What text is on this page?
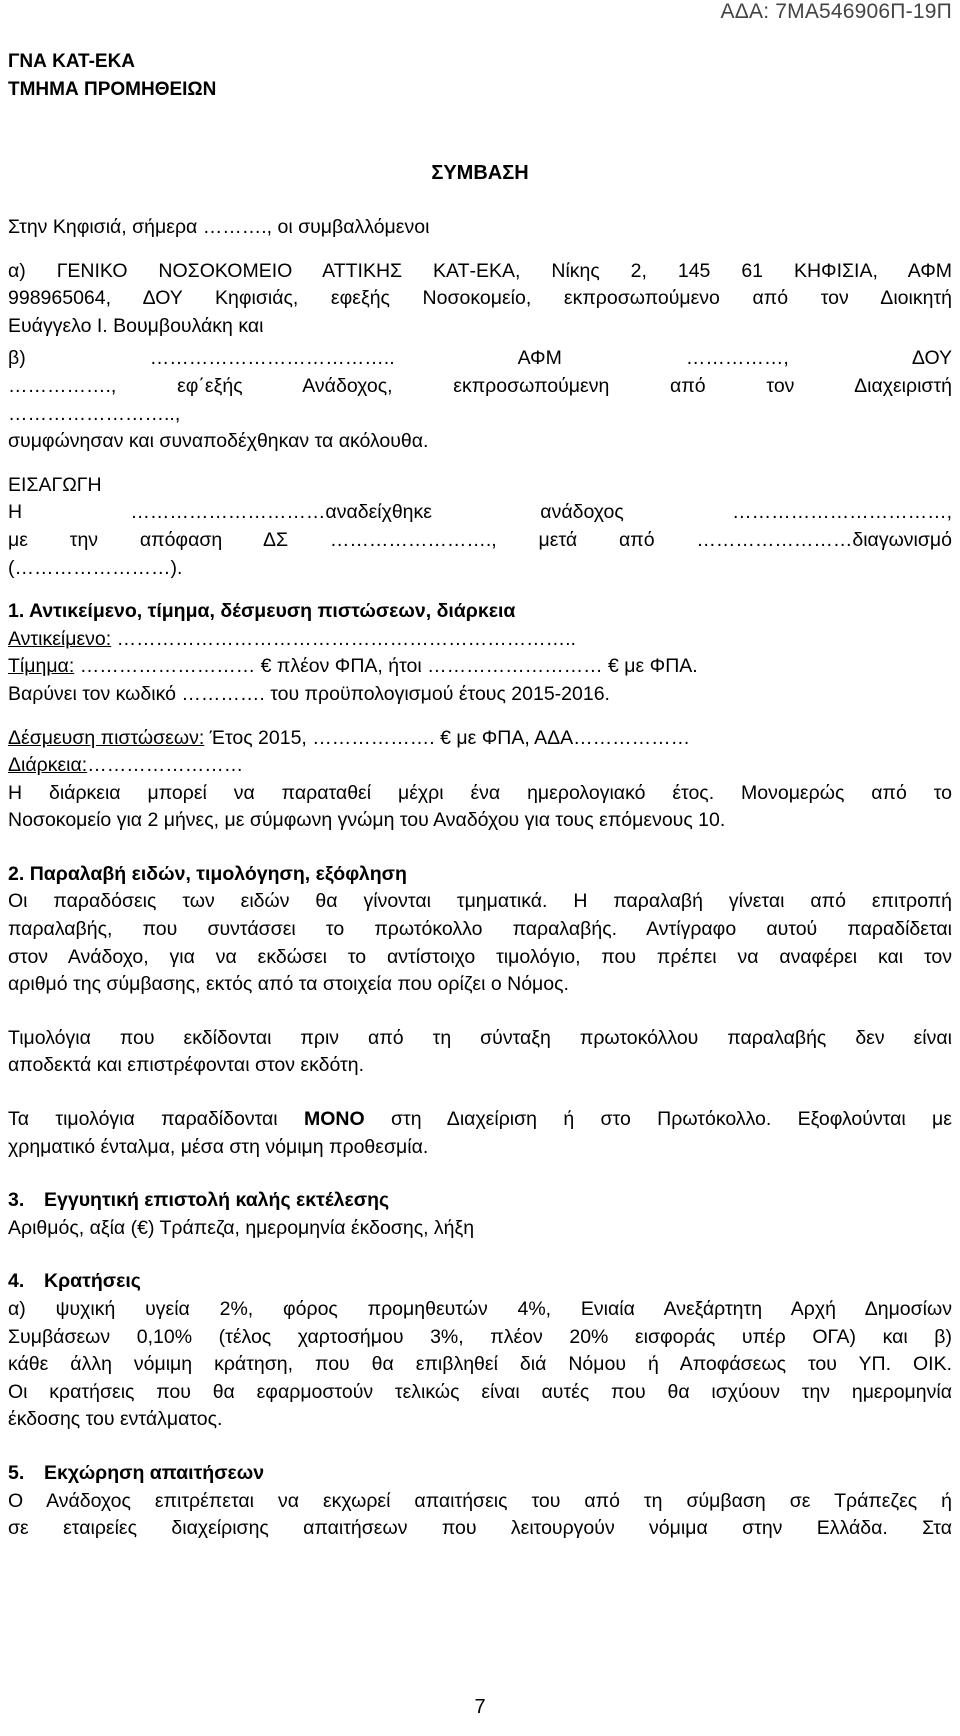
ΑΔΑ: 7ΜΑ546906Π-19Π
ΓΝΑ ΚΑΤ-ΕΚΑ
ΤΜΗΜΑ ΠΡΟΜΗΘΕΙΩΝ
ΣΥΜΒΑΣΗ

Στην Κηφισιά, σήμερα ………., οι συμβαλλόμενοι

α) ΓΕΝΙΚΟ ΝΟΣΟΚΟΜΕΙΟ ΑΤΤΙΚΗΣ ΚΑΤ-ΕΚΑ, Νίκης 2, 145 61 ΚΗΦΙΣΙΑ, ΑΦΜ

998965064, ΔΟΥ Κηφισιάς, εφεξής Νοσοκομείο, εκπροσωπούμενο από τον Διοικητή

Ευάγγελο Ι. Βουμβουλάκη και

β) ……………………………….. ΑΦΜ ……………, ΔΟΥ

……………., εφ΄εξής Ανάδοχος, εκπροσωπούμενη από τον Διαχειριστή

……………………..,

συμφώνησαν και συναποδέχθηκαν τα ακόλουθα.

ΕΙΣΑΓΩΓΗ

Η …………………………αναδείχθηκε ανάδοχος ……………………………,

με την απόφαση ΔΣ ……………………., μετά από ……………………διαγωνισμό

(……………………).

1. Αντικείμενο, τίμημα, δέσμευση πιστώσεων, διάρκεια

Αντικείμενο: ……………………………………………………………..

Τίμημα: ……………………… € πλέον ΦΠΑ, ήτοι ……………………… € με ΦΠΑ.

Βαρύνει τον κωδικό …………. του προϋπολογισμού έτους 2015-2016.

Δέσμευση πιστώσεων: Έτος 2015, ………………. € με ΦΠΑ, ΑΔΑ………………

Διάρκεια:……………………

Η διάρκεια μπορεί να παραταθεί μέχρι ένα ημερολογιακό έτος. Μονομερώς από το

Νοσοκομείο για 2 μήνες, με σύμφωνη γνώμη του Αναδόχου για τους επόμενους 10.

2. Παραλαβή ειδών, τιμολόγηση, εξόφληση

Οι παραδόσεις των ειδών θα γίνονται τμηματικά. Η παραλαβή γίνεται από επιτροπή

παραλαβής, που συντάσσει το πρωτόκολλο παραλαβής. Αντίγραφο αυτού παραδίδεται

στον Ανάδοχο, για να εκδώσει το αντίστοιχο τιμολόγιο, που πρέπει να αναφέρει και τον

αριθμό της σύμβασης, εκτός από τα στοιχεία που ορίζει ο Νόμος.

Τιμολόγια που εκδίδονται πριν από τη σύνταξη πρωτοκόλλου παραλαβής δεν είναι

αποδεκτά και επιστρέφονται στον εκδότη.

Τα τιμολόγια παραδίδονται ΜΟΝΟ στη Διαχείριση ή στο Πρωτόκολλο. Εξοφλούνται με

χρηματικό ένταλμα, μέσα στη νόμιμη προθεσμία.

3. Εγγυητική επιστολή καλής εκτέλεσης

Αριθμός, αξία (€) Τράπεζα, ημερομηνία έκδοσης, λήξη

4. Κρατήσεις

α) ψυχική υγεία 2%, φόρος προμηθευτών 4%, Ενιαία Ανεξάρτητη Αρχή Δημοσίων

Συμβάσεων 0,10% (τέλος χαρτοσήμου 3%, πλέον 20% εισφοράς υπέρ ΟΓΑ) και β)

κάθε άλλη νόμιμη κράτηση, που θα επιβληθεί διά Νόμου ή Αποφάσεως του ΥΠ. ΟΙΚ.

Οι κρατήσεις που θα εφαρμοστούν τελικώς είναι αυτές που θα ισχύουν την ημερομηνία

έκδοσης του εντάλματος.

5. Εκχώρηση απαιτήσεων

Ο Ανάδοχος επιτρέπεται να εκχωρεί απαιτήσεις του από τη σύμβαση σε Τράπεζες ή

σε εταιρείες διαχείρισης απαιτήσεων που λειτουργούν νόμιμα στην Ελλάδα. Στα

7
